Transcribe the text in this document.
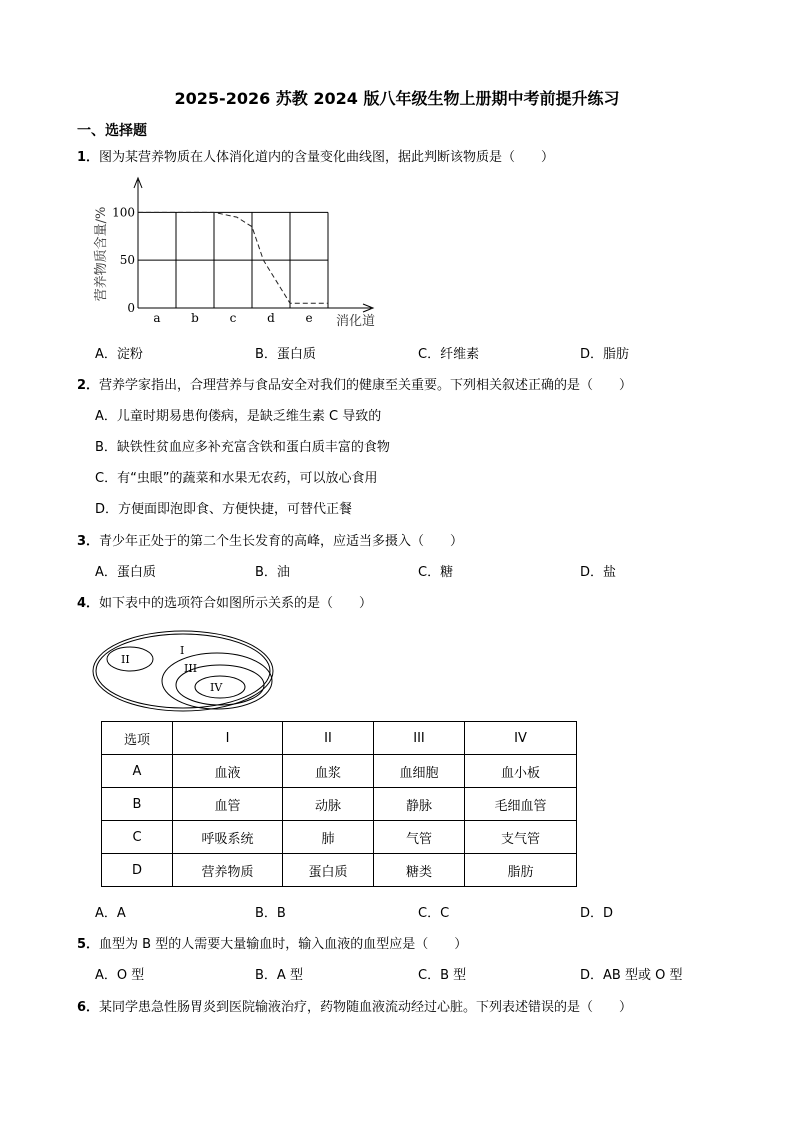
2025-2026 苏教 2024 版八年级生物上册期中考前提升练习
一、选择题
1．图为某营养物质在人体消化道内的含量变化曲线图，据此判断该物质是（　　）
0
50
100
a	b	c	d	e
营养物质含量/%
消化道
A．淀粉	B．蛋白质	C．纤维素	D．脂肪
2．营养学家指出，合理营养与食品安全对我们的健康至关重要。下列相关叙述正确的是（　　）
A．儿童时期易患佝偻病，是缺乏维生素 C 导致的
B．缺铁性贫血应多补充富含铁和蛋白质丰富的食物
C．有“虫眼”的蔬菜和水果无农药，可以放心食用
D．方便面即泡即食、方便快捷，可替代正餐
3．青少年正处于的第二个生长发育的高峰，应适当多摄入（　　）
A．蛋白质	B．油	C．糖	D．盐
4．如下表中的选项符合如图所示关系的是（　　）
I
II
III
IV
选项	I	II	III	IV
A	血液	血浆	血细胞	血小板
B	血管	动脉	静脉	毛细血管
C	呼吸系统	肺	气管	支气管
D	营养物质	蛋白质	糖类	脂肪
A．A	B．B	C．C	D．D
5．血型为 B 型的人需要大量输血时，输入血液的血型应是（　　）
A．O 型	B．A 型	C．B 型	D．AB 型或 O 型
6．某同学患急性肠胃炎到医院输液治疗，药物随血液流动经过心脏。下列表述错误的是（　　）
